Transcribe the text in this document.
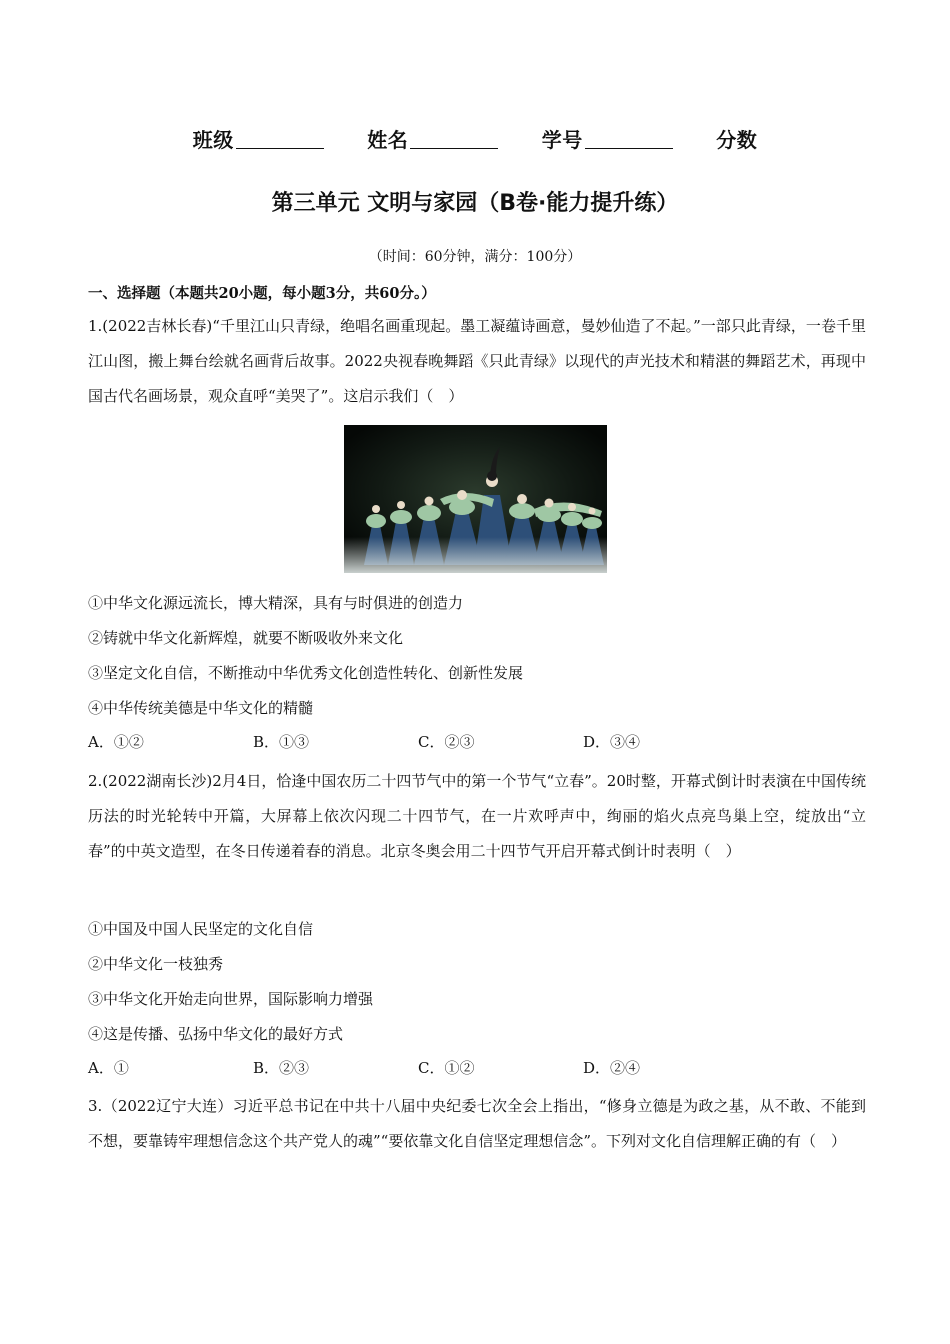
班级	姓名	学号	分数
第三单元 文明与家园（B卷·能力提升练）
（时间：60分钟，满分：100分）
一、选择题（本题共20小题，每小题3分，共60分。）
1.(2022吉林长春)“千里江山只青绿，绝唱名画重现起。墨工凝蕴诗画意，曼妙仙造了不起。”一部只此青绿，一卷千里江山图，搬上舞台绘就名画背后故事。2022央视春晚舞蹈《只此青绿》以现代的声光技术和精湛的舞蹈艺术，再现中国古代名画场景，观众直呼“美哭了”。这启示我们（　）
①中华文化源远流长，博大精深，具有与时俱进的创造力
②铸就中华文化新辉煌，就要不断吸收外来文化
③坚定文化自信，不断推动中华优秀文化创造性转化、创新性发展
④中华传统美德是中华文化的精髓
A．①②	B．①③	C．②③	D．③④
2.(2022湖南长沙)2月4日，恰逢中国农历二十四节气中的第一个节气“立春”。20时整，开幕式倒计时表演在中国传统历法的时光轮转中开篇，大屏幕上依次闪现二十四节气，在一片欢呼声中，绚丽的焰火点亮鸟巢上空，绽放出“立春”的中英文造型，在冬日传递着春的消息。北京冬奥会用二十四节气开启开幕式倒计时表明（　）
①中国及中国人民坚定的文化自信
②中华文化一枝独秀
③中华文化开始走向世界，国际影响力增强
④这是传播、弘扬中华文化的最好方式
A．①	B．②③	C．①②	D．②④
3.（2022辽宁大连）习近平总书记在中共十八届中央纪委七次全会上指出，“修身立德是为政之基，从不敢、不能到不想，要靠铸牢理想信念这个共产党人的魂”“要依靠文化自信坚定理想信念”。下列对文化自信理解正确的有（　）
